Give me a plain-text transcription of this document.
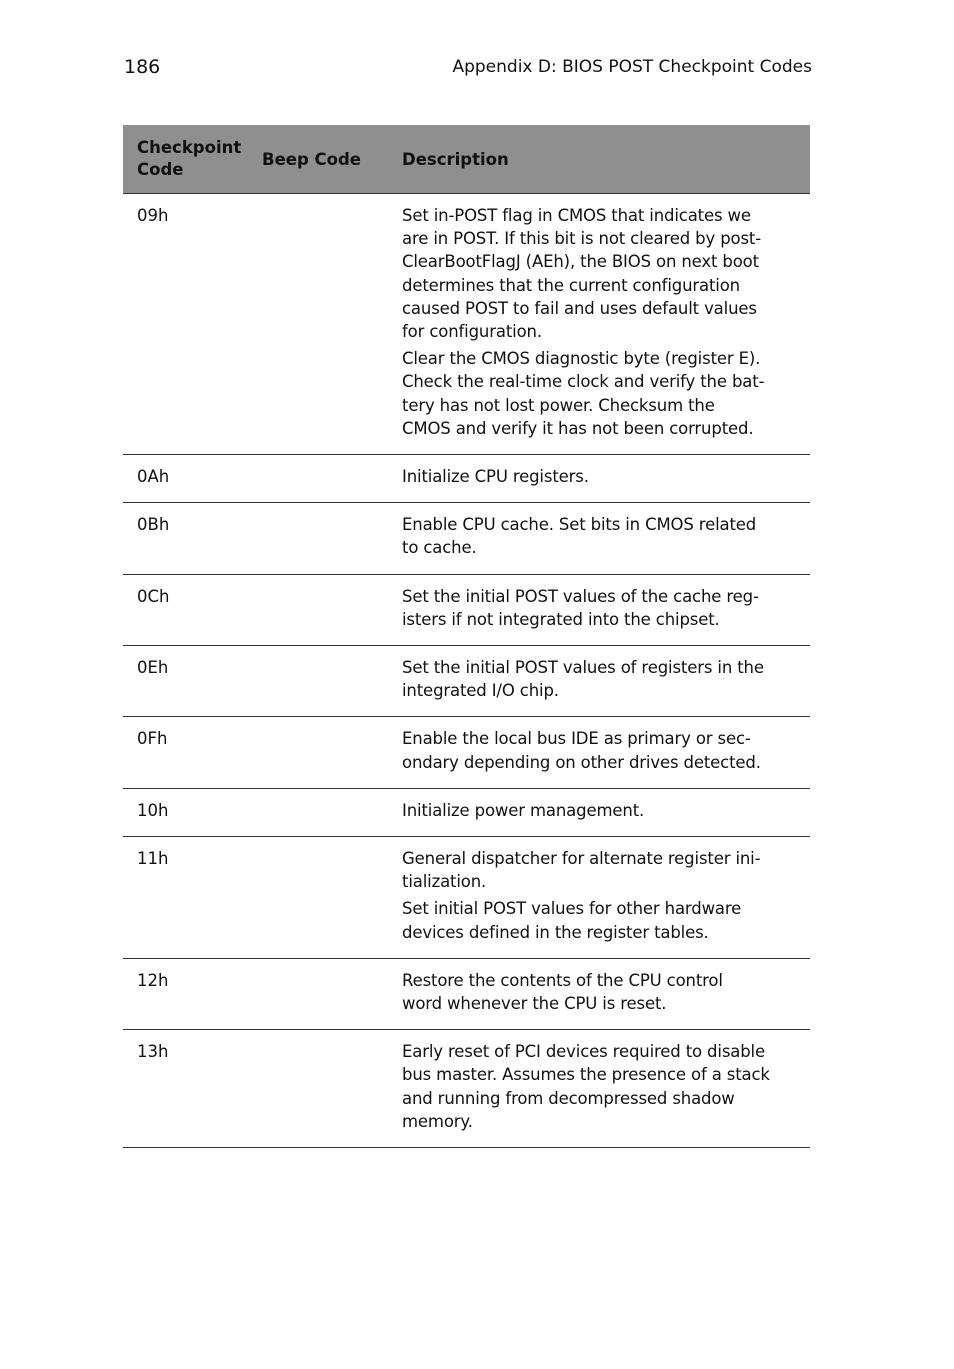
186	Appendix D: BIOS POST Checkpoint Codes
Checkpoint
Code
Beep Code	Description
09h	Set in-POST flag in CMOS that indicates we
are in POST. If this bit is not cleared by post-
ClearBootFlagJ (AEh), the BIOS on next boot
determines that the current configuration
caused POST to fail and uses default values
for configuration.

Clear the CMOS diagnostic byte (register E).
Check the real-time clock and verify the bat-
tery has not lost power. Checksum the
CMOS and verify it has not been corrupted.

0Ah	Initialize CPU registers.

0Bh	Enable CPU cache. Set bits in CMOS related
to cache.

0Ch	Set the initial POST values of the cache reg-
isters if not integrated into the chipset.

0Eh	Set the initial POST values of registers in the
integrated I/O chip.

0Fh	Enable the local bus IDE as primary or sec-
ondary depending on other drives detected.

10h	Initialize power management.

11h	General dispatcher for alternate register ini-
tialization.

Set initial POST values for other hardware
devices defined in the register tables.

12h	Restore the contents of the CPU control
word whenever the CPU is reset.

13h	Early reset of PCI devices required to disable
bus master. Assumes the presence of a stack
and running from decompressed shadow
memory.
